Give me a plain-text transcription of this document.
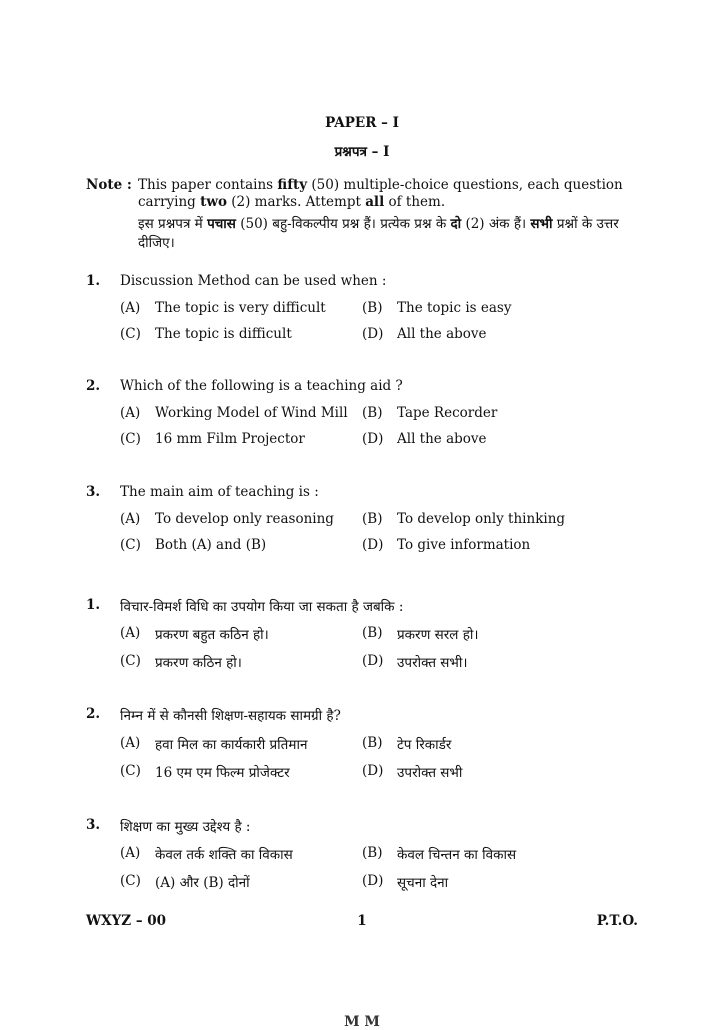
PAPER – I
प्रश्नपत्र – I
Note : This paper contains fifty (50) multiple-choice questions, each question carrying two (2) marks. Attempt all of them.
इस प्रश्नपत्र में पचास (50) बहु-विकल्पीय प्रश्न हैं। प्रत्येक प्रश्न के दो (2) अंक हैं। सभी प्रश्नों के उत्तर दीजिए।
1. Discussion Method can be used when :
(A) The topic is very difficult	(B) The topic is easy
(C) The topic is difficult	(D) All the above
2. Which of the following is a teaching aid ?
(A) Working Model of Wind Mill (B) Tape Recorder
(C) 16 mm Film Projector	(D) All the above
3. The main aim of teaching is :
(A) To develop only reasoning (B) To develop only thinking
(C) Both (A) and (B)	(D) To give information
1. विचार-विमर्श विधि का उपयोग किया जा सकता है जबकि :
(A) प्रकरण बहुत कठिन हो।	(B) प्रकरण सरल हो।
(C) प्रकरण कठिन हो।	(D) उपरोक्त सभी।
2. निम्न में से कौनसी शिक्षण-सहायक सामग्री है?
(A) हवा मिल का कार्यकारी प्रतिमान	(B) टेप रिकार्डर
(C) 16 एम एम फिल्म प्रोजेक्टर	(D) उपरोक्त सभी
3. शिक्षण का मुख्य उद्देश्य है :
(A) केवल तर्क शक्ति का विकास	(B) केवल चिन्तन का विकास
(C) (A) और (B) दोनों	(D) सूचना देना
WXYZ – 00	1	P.T.O.
M M
